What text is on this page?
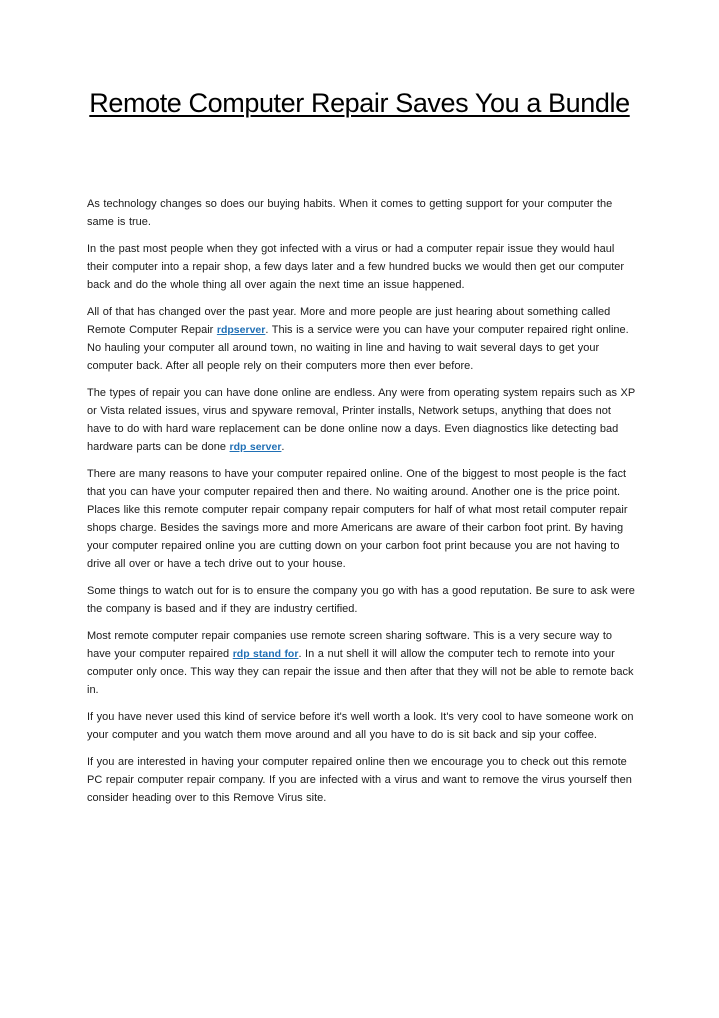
Remote Computer Repair Saves You a Bundle

As technology changes so does our buying habits. When it comes to getting support for your computer the same is true.

In the past most people when they got infected with a virus or had a computer repair issue they would haul their computer into a repair shop, a few days later and a few hundred bucks we would then get our computer back and do the whole thing all over again the next time an issue happened.

All of that has changed over the past year. More and more people are just hearing about something called Remote Computer Repair rdpserver. This is a service were you can have your computer repaired right online. No hauling your computer all around town, no waiting in line and having to wait several days to get your computer back. After all people rely on their computers more then ever before.

The types of repair you can have done online are endless. Any were from operating system repairs such as XP or Vista related issues, virus and spyware removal, Printer installs, Network setups, anything that does not have to do with hard ware replacement can be done online now a days. Even diagnostics like detecting bad hardware parts can be done rdp server.

There are many reasons to have your computer repaired online. One of the biggest to most people is the fact that you can have your computer repaired then and there. No waiting around. Another one is the price point. Places like this remote computer repair company repair computers for half of what most retail computer repair shops charge. Besides the savings more and more Americans are aware of their carbon foot print. By having your computer repaired online you are cutting down on your carbon foot print because you are not having to drive all over or have a tech drive out to your house.

Some things to watch out for is to ensure the company you go with has a good reputation. Be sure to ask were the company is based and if they are industry certified.

Most remote computer repair companies use remote screen sharing software. This is a very secure way to have your computer repaired rdp stand for. In a nut shell it will allow the computer tech to remote into your computer only once. This way they can repair the issue and then after that they will not be able to remote back in.

If you have never used this kind of service before it's well worth a look. It's very cool to have someone work on your computer and you watch them move around and all you have to do is sit back and sip your coffee.

If you are interested in having your computer repaired online then we encourage you to check out this remote PC repair computer repair company. If you are infected with a virus and want to remove the virus yourself then consider heading over to this Remove Virus site.
